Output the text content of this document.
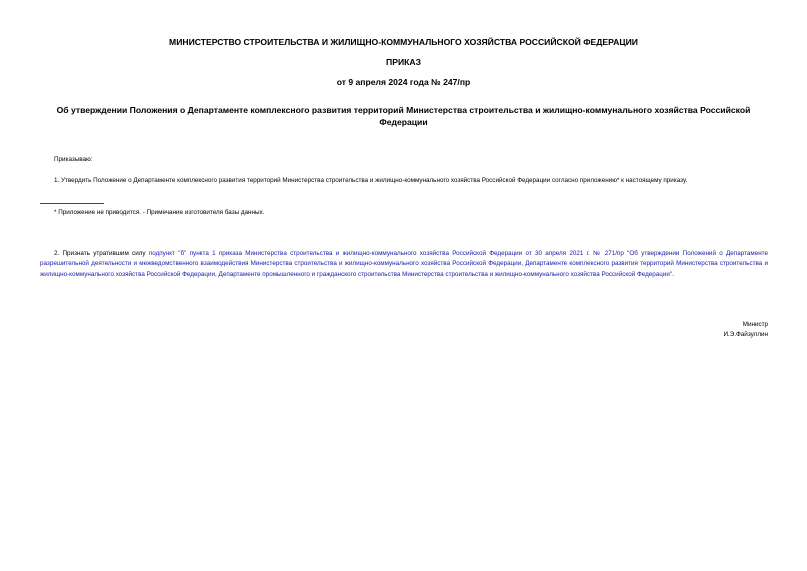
МИНИСТЕРСТВО СТРОИТЕЛЬСТВА И ЖИЛИЩНО-КОММУНАЛЬНОГО ХОЗЯЙСТВА РОССИЙСКОЙ ФЕДЕРАЦИИ
ПРИКАЗ
от 9 апреля 2024 года № 247/пр
Об утверждении Положения о Департаменте комплексного развития территорий Министерства строительства и жилищно-коммунального хозяйства Российской Федерации
Приказываю:
1. Утвердить Положение о Департаменте комплексного развития территорий Министерства строительства и жилищно-коммунального хозяйства Российской Федерации согласно приложению* к настоящему приказу.
* Приложение не приводится. - Примечание изготовителя базы данных.
2. Признать утратившим силу подпункт "б" пункта 1 приказа Министерства строительства и жилищно-коммунального хозяйства Российской Федерации от 30 апреля 2021 г. № 271/пр "Об утверждении Положений о Департаменте разрешительной деятельности и межведомственного взаимодействия Министерства строительства и жилищно-коммунального хозяйства Российской Федерации, Департаменте комплексного развития территорий Министерства строительства и жилищно-коммунального хозяйства Российской Федерации, Департаменте промышленного и гражданского строительства Министерства строительства и жилищно-коммунального хозяйства Российской Федерации".
Министр
И.Э.Файзуллин
